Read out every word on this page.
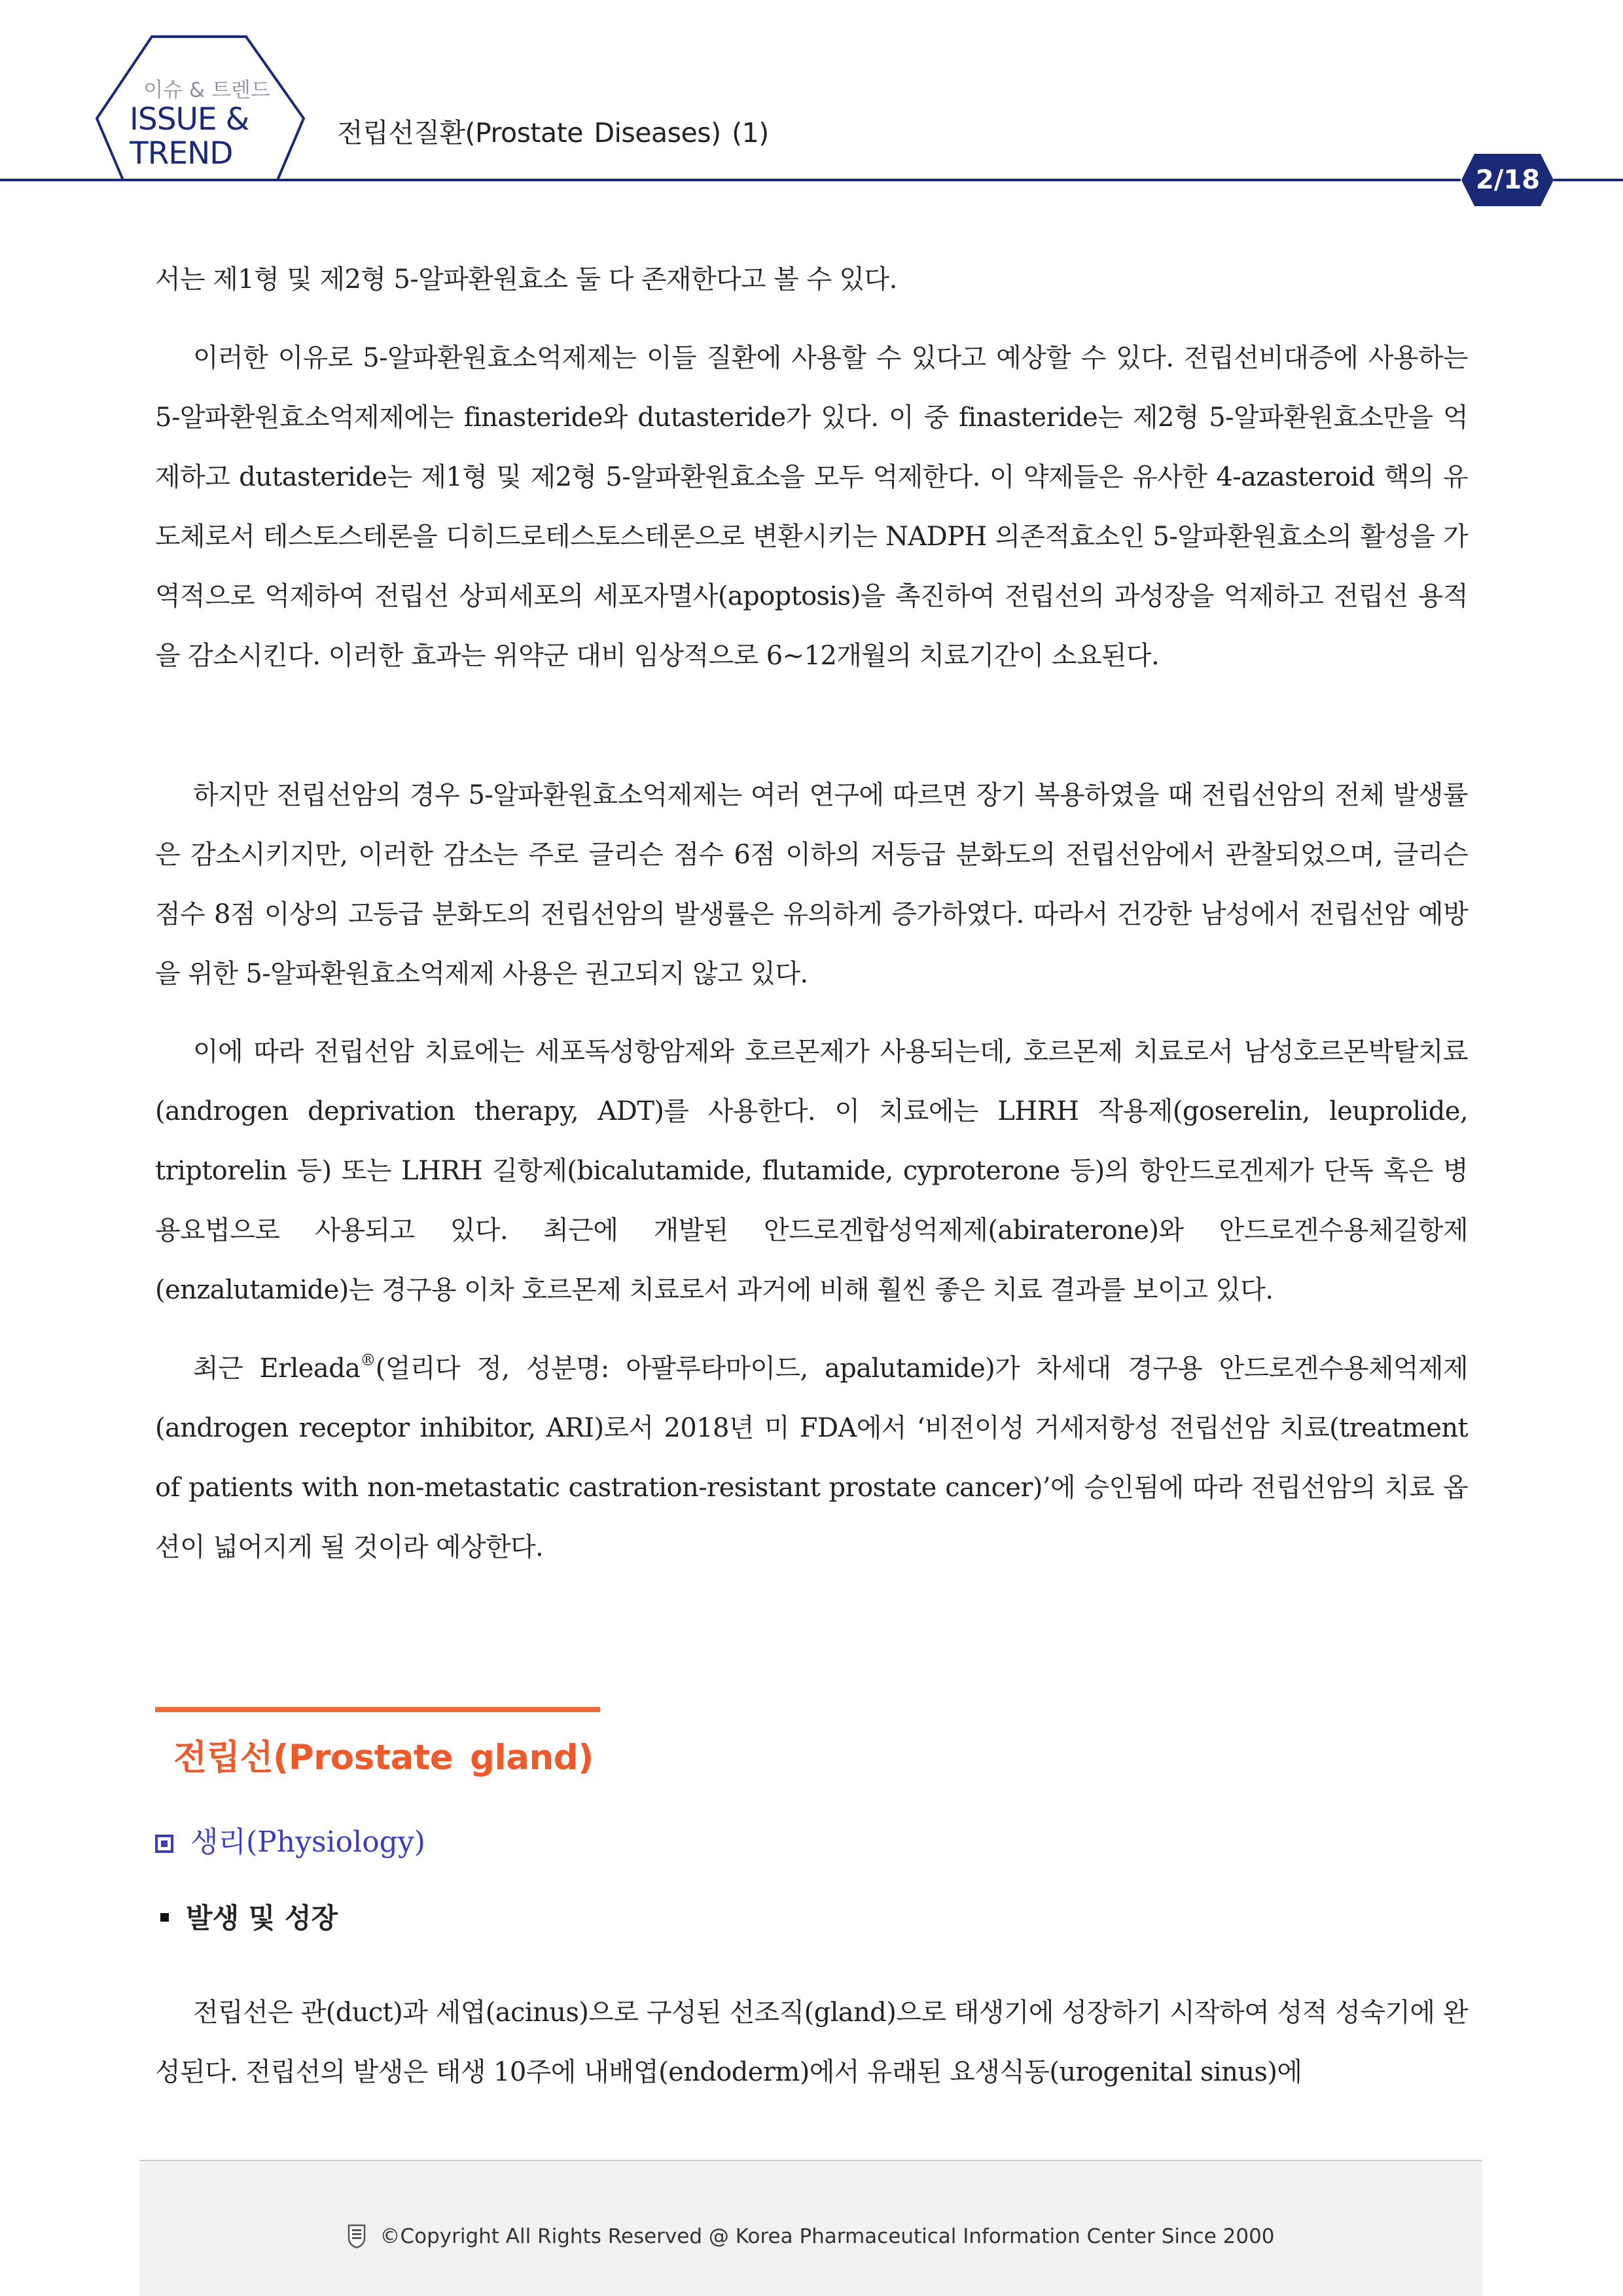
이슈 & 트렌드
ISSUE &
TREND
전립선질환(Prostate Diseases) (1)
2/18

서는 제1형 및 제2형 5-알파환원효소 둘 다 존재한다고 볼 수 있다.

이러한 이유로 5-알파환원효소억제제는 이들 질환에 사용할 수 있다고 예상할 수 있다. 전립선비대증에 사용하는 5-알파환원효소억제제에는 finasteride와 dutasteride가 있다. 이 중 finasteride는 제2형 5-알파환원효소만을 억제하고 dutasteride는 제1형 및 제2형 5-알파환원효소을 모두 억제한다. 이 약제들은 유사한 4-azasteroid 핵의 유도체로서 테스토스테론을 디히드로테스토스테론으로 변환시키는 NADPH 의존적효소인 5-알파환원효소의 활성을 가역적으로 억제하여 전립선 상피세포의 세포자멸사(apoptosis)을 촉진하여 전립선의 과성장을 억제하고 전립선 용적을 감소시킨다. 이러한 효과는 위약군 대비 임상적으로 6~12개월의 치료기간이 소요된다.

하지만 전립선암의 경우 5-알파환원효소억제제는 여러 연구에 따르면 장기 복용하였을 때 전립선암의 전체 발생률은 감소시키지만, 이러한 감소는 주로 글리슨 점수 6점 이하의 저등급 분화도의 전립선암에서 관찰되었으며, 글리슨 점수 8점 이상의 고등급 분화도의 전립선암의 발생률은 유의하게 증가하였다. 따라서 건강한 남성에서 전립선암 예방을 위한 5-알파환원효소억제제 사용은 권고되지 않고 있다.

이에 따라 전립선암 치료에는 세포독성항암제와 호르몬제가 사용되는데, 호르몬제 치료로서 남성호르몬박탈치료(androgen deprivation therapy, ADT)를 사용한다. 이 치료에는 LHRH 작용제(goserelin, leuprolide, triptorelin 등) 또는 LHRH 길항제(bicalutamide, flutamide, cyproterone 등)의 항안드로겐제가 단독 혹은 병용요법으로 사용되고 있다. 최근에 개발된 안드로겐합성억제제(abiraterone)와 안드로겐수용체길항제(enzalutamide)는 경구용 이차 호르몬제 치료로서 과거에 비해 훨씬 좋은 치료 결과를 보이고 있다.

최근 Erleada®(얼리다 정, 성분명: 아팔루타마이드, apalutamide)가 차세대 경구용 안드로겐수용체억제제(androgen receptor inhibitor, ARI)로서 2018년 미 FDA에서 ‘비전이성 거세저항성 전립선암 치료(treatment of patients with non-metastatic castration-resistant prostate cancer)’에 승인됨에 따라 전립선암의 치료 옵션이 넓어지게 될 것이라 예상한다.

전립선(Prostate gland)
생리(Physiology)
발생 및 성장

전립선은 관(duct)과 세엽(acinus)으로 구성된 선조직(gland)으로 태생기에 성장하기 시작하여 성적 성숙기에 완성된다. 전립선의 발생은 태생 10주에 내배엽(endoderm)에서 유래된 요생식동(urogenital sinus)에

©Copyright All Rights Reserved @ Korea Pharmaceutical Information Center Since 2000
